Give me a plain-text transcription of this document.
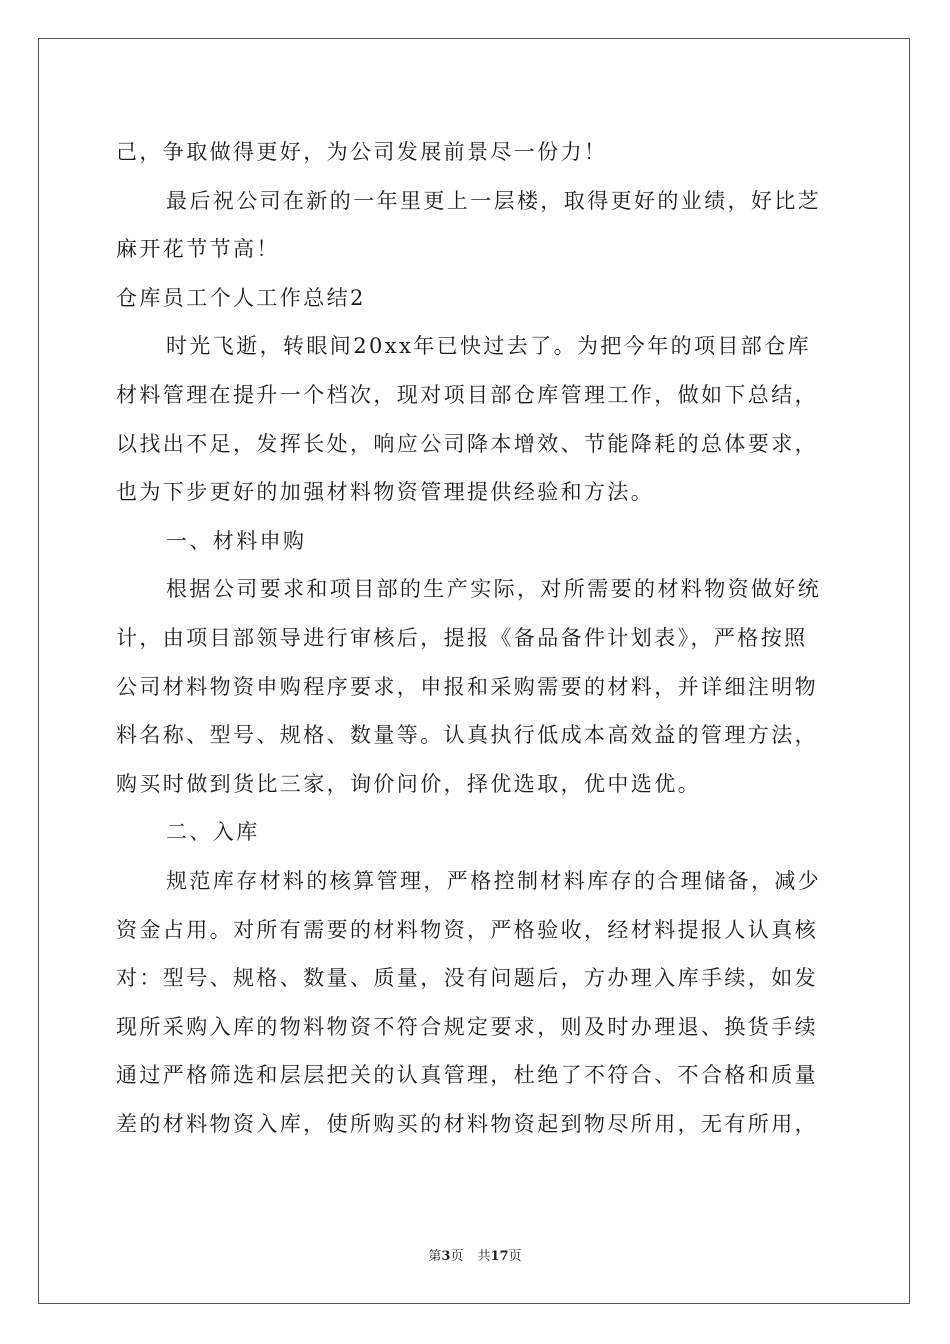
己，争取做得更好，为公司发展前景尽一份力！
最后祝公司在新的一年里更上一层楼，取得更好的业绩，好比芝
麻开花节节高！
仓库员工个人工作总结2
时光飞逝，转眼间20xx年已快过去了。为把今年的项目部仓库
材料管理在提升一个档次，现对项目部仓库管理工作，做如下总结，
以找出不足，发挥长处，响应公司降本增效、节能降耗的总体要求，
也为下步更好的加强材料物资管理提供经验和方法。
一、材料申购
根据公司要求和项目部的生产实际，对所需要的材料物资做好统
计，由项目部领导进行审核后，提报《备品备件计划表》，严格按照
公司材料物资申购程序要求，申报和采购需要的材料，并详细注明物
料名称、型号、规格、数量等。认真执行低成本高效益的管理方法，
购买时做到货比三家，询价问价，择优选取，优中选优。
二、入库
规范库存材料的核算管理，严格控制材料库存的合理储备，减少
资金占用。对所有需要的材料物资，严格验收，经材料提报人认真核
对：型号、规格、数量、质量，没有问题后，方办理入库手续，如发
现所采购入库的物料物资不符合规定要求，则及时办理退、换货手续
通过严格筛选和层层把关的认真管理，杜绝了不符合、不合格和质量
差的材料物资入库，使所购买的材料物资起到物尽所用，无有所用，
第3页 共17页
